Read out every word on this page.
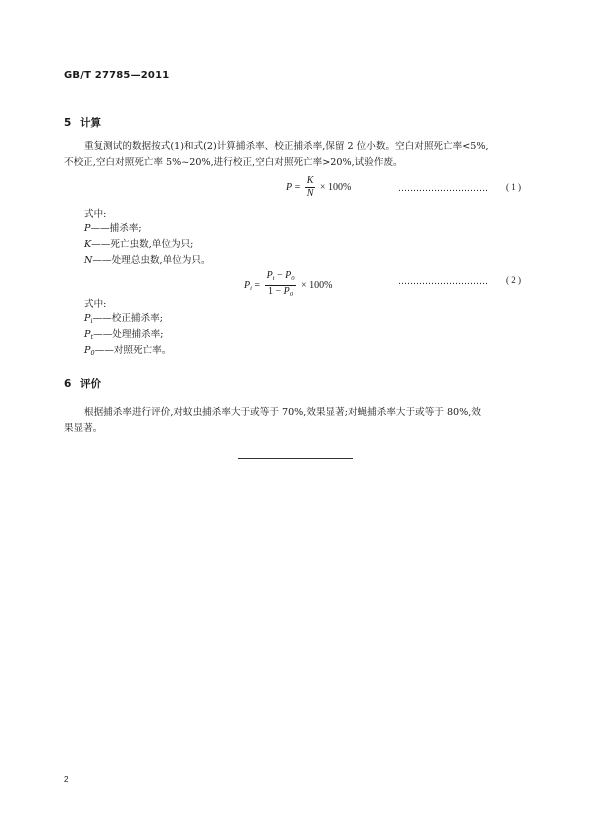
GB/T 27785—2011
5 计算
重复测试的数据按式(1)和式(2)计算捕杀率、校正捕杀率,保留 2 位小数。空白对照死亡率<5%,
不校正,空白对照死亡率 5%~20%,进行校正,空白对照死亡率>20%,试验作废。
$P = \frac{K}{N} \times 100\%$	………………………… ( 1 )
式中:
P——捕杀率;
K——死亡虫数,单位为只;
N——处理总虫数,单位为只。
$P_i = \frac{P_t - P_0}{1 - P_0} \times 100\%$	………………………… ( 2 )
式中:
$P_i——$校正捕杀率;
$P_t——$处理捕杀率;
$P_0——$对照死亡率。
6 评价
根据捕杀率进行评价,对蚊虫捕杀率大于或等于 70%,效果显著;对蝇捕杀率大于或等于 80%,效
果显著。
2
